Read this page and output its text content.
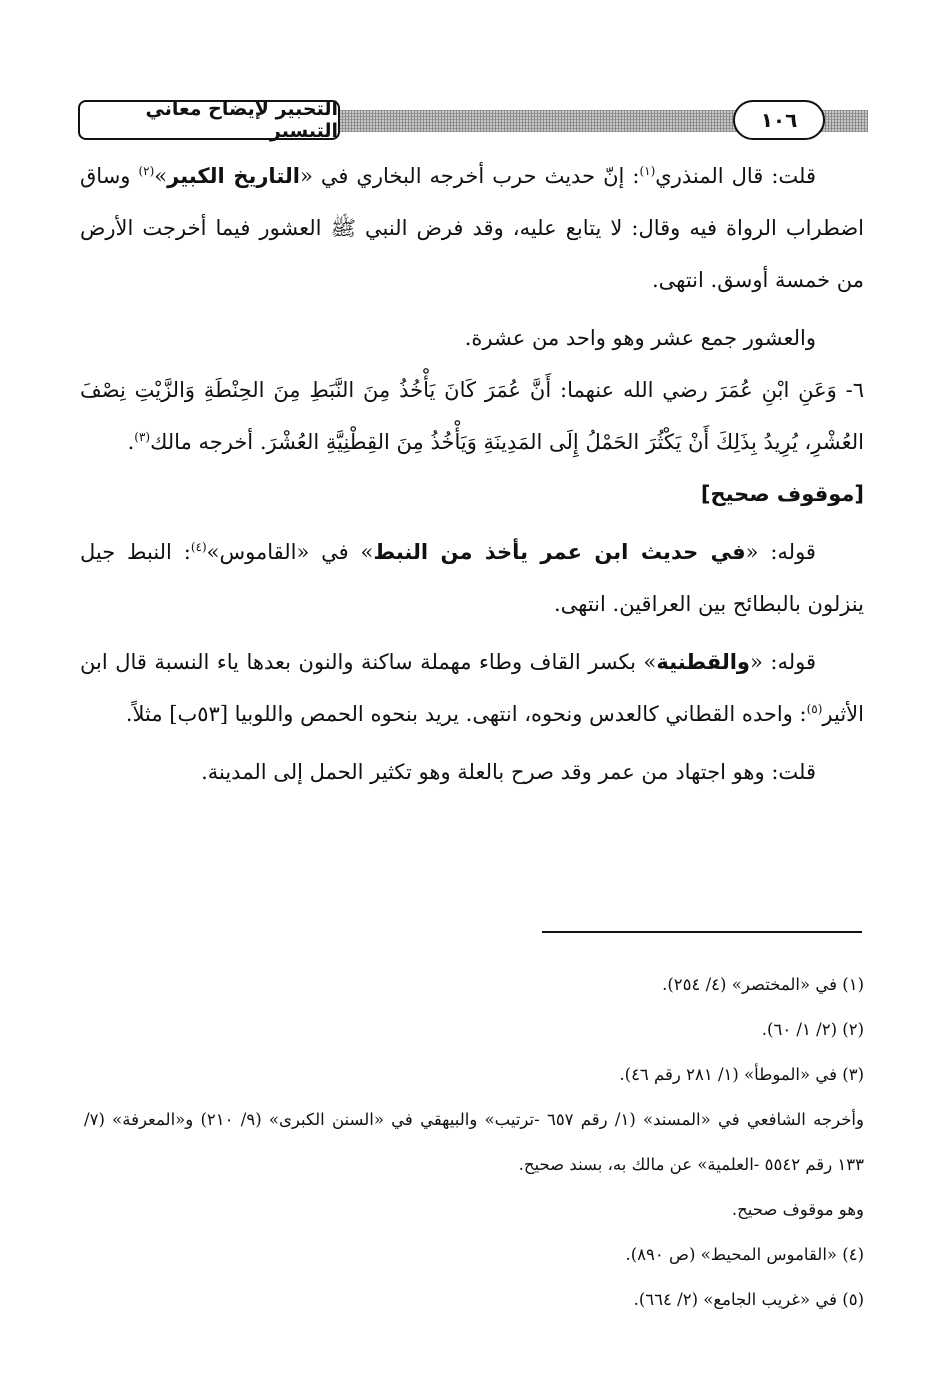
التحبير لإيضاح معاني التيسير	١٠٦

قلت: قال المنذري$^{(١)}$: إنّ حديث حرب أخرجه البخاري في «التاريخ الكبير»$^{(٢)}$ وساق اضطراب الرواة فيه وقال: لا يتابع عليه، وقد فرض النبي ﷺ العشور فيما أخرجت الأرض من خمسة أوسق. انتهى.

والعشور جمع عشر وهو واحد من عشرة.

٦- وَعَنِ ابْنِ عُمَرَ رضي الله عنهما: أَنَّ عُمَرَ كَانَ يَأْخُذُ مِنَ النَّبَطِ مِنَ الحِنْطَةِ وَالزَّيْتِ نِصْفَ العُشْرِ، يُرِيدُ بِذَلِكَ أَنْ يَكْثُرَ الحَمْلُ إِلَى المَدِينَةِ وَيَأْخُذُ مِنَ القِطْنِيَّةِ العُشْرَ. أخرجه مالك$^{(٣)}$.

[موقوف صحيح]

قوله: «في حديث ابن عمر يأخذ من النبط» في «القاموس»$^{(٤)}$: النبط جيل ينزلون بالبطائح بين العراقين. انتهى.

قوله: «والقطنية» بكسر القاف وطاء مهملة ساكنة والنون بعدها ياء النسبة قال ابن الأثير$^{(٥)}$: واحده القطاني كالعدس ونحوه، انتهى. يريد بنحوه الحمص واللوبيا [٥٣ب] مثلاً.

قلت: وهو اجتهاد من عمر وقد صرح بالعلة وهو تكثير الحمل إلى المدينة.

(١) في «المختصر» (٤/ ٢٥٤).

(٢) (٢/ ١/ ٦٠).

(٣) في «الموطأ» (١/ ٢٨١ رقم ٤٦).

وأخرجه الشافعي في «المسند» (١/ رقم ٦٥٧ -ترتيب» والبيهقي في «السنن الكبرى» (٩/ ٢١٠) و«المعرفة» (٧/ ١٣٣ رقم ٥٥٤٢ -العلمية» عن مالك به، بسند صحيح.

وهو موقوف صحيح.

(٤) «القاموس المحيط» (ص ٨٩٠).

(٥) في «غريب الجامع» (٢/ ٦٦٤).
